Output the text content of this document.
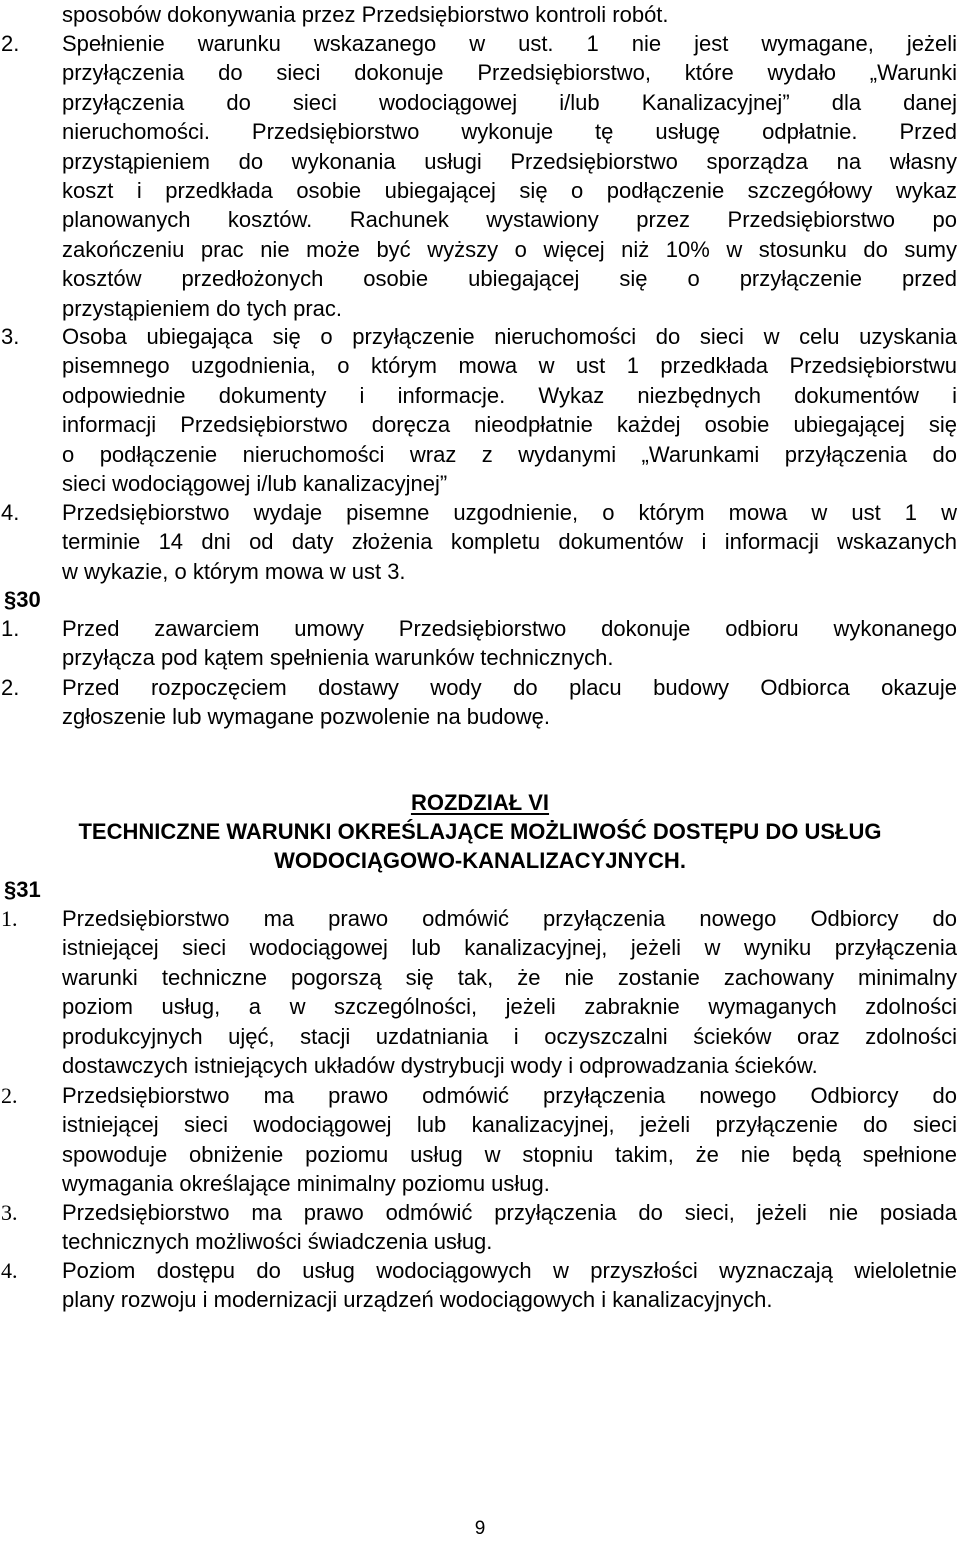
sposobów dokonywania przez Przedsiębiorstwo kontroli robót.
2. Spełnienie warunku wskazanego w ust. 1 nie jest wymagane, jeżeli
przyłączenia do sieci dokonuje Przedsiębiorstwo, które wydało „Warunki
przyłączenia do sieci wodociągowej i/lub Kanalizacyjnej” dla danej
nieruchomości. Przedsiębiorstwo wykonuje tę usługę odpłatnie. Przed
przystąpieniem do wykonania usługi Przedsiębiorstwo sporządza na własny
koszt i przedkłada osobie ubiegającej się o podłączenie szczegółowy wykaz
planowanych kosztów. Rachunek wystawiony przez Przedsiębiorstwo po
zakończeniu prac nie może być wyższy o więcej niż 10% w stosunku do sumy
kosztów przedłożonych osobie ubiegającej się o przyłączenie przed
przystąpieniem do tych prac.
3. Osoba ubiegająca się o przyłączenie nieruchomości do sieci w celu uzyskania
pisemnego uzgodnienia, o którym mowa w ust 1 przedkłada Przedsiębiorstwu
odpowiednie dokumenty i informacje. Wykaz niezbędnych dokumentów i
informacji Przedsiębiorstwo doręcza nieodpłatnie każdej osobie ubiegającej się
o podłączenie nieruchomości wraz z wydanymi „Warunkami przyłączenia do
sieci wodociągowej i/lub kanalizacyjnej”
4. Przedsiębiorstwo wydaje pisemne uzgodnienie, o którym mowa w ust 1 w
terminie 14 dni od daty złożenia kompletu dokumentów i informacji wskazanych
w wykazie, o którym mowa w ust 3.
§30
1. Przed zawarciem umowy Przedsiębiorstwo dokonuje odbioru wykonanego
przyłącza pod kątem spełnienia warunków technicznych.
2. Przed rozpoczęciem dostawy wody do placu budowy Odbiorca okazuje
zgłoszenie lub wymagane pozwolenie na budowę.
ROZDZIAŁ VI
TECHNICZNE WARUNKI OKREŚLAJĄCE MOŻLIWOŚĆ DOSTĘPU DO USŁUG
WODOCIĄGOWO-KANALIZACYJNYCH.
§31
1. Przedsiębiorstwo ma prawo odmówić przyłączenia nowego Odbiorcy do
istniejącej sieci wodociągowej lub kanalizacyjnej, jeżeli w wyniku przyłączenia
warunki techniczne pogorszą się tak, że nie zostanie zachowany minimalny
poziom usług, a w szczególności, jeżeli zabraknie wymaganych zdolności
produkcyjnych ujęć, stacji uzdatniania i oczyszczalni ścieków oraz zdolności
dostawczych istniejących układów dystrybucji wody i odprowadzania ścieków.
2. Przedsiębiorstwo ma prawo odmówić przyłączenia nowego Odbiorcy do
istniejącej sieci wodociągowej lub kanalizacyjnej, jeżeli przyłączenie do sieci
spowoduje obniżenie poziomu usług w stopniu takim, że nie będą spełnione
wymagania określające minimalny poziomu usług.
3. Przedsiębiorstwo ma prawo odmówić przyłączenia do sieci, jeżeli nie posiada
technicznych możliwości świadczenia usług.
4. Poziom dostępu do usług wodociągowych w przyszłości wyznaczają wieloletnie
plany rozwoju i modernizacji urządzeń wodociągowych i kanalizacyjnych.
9
